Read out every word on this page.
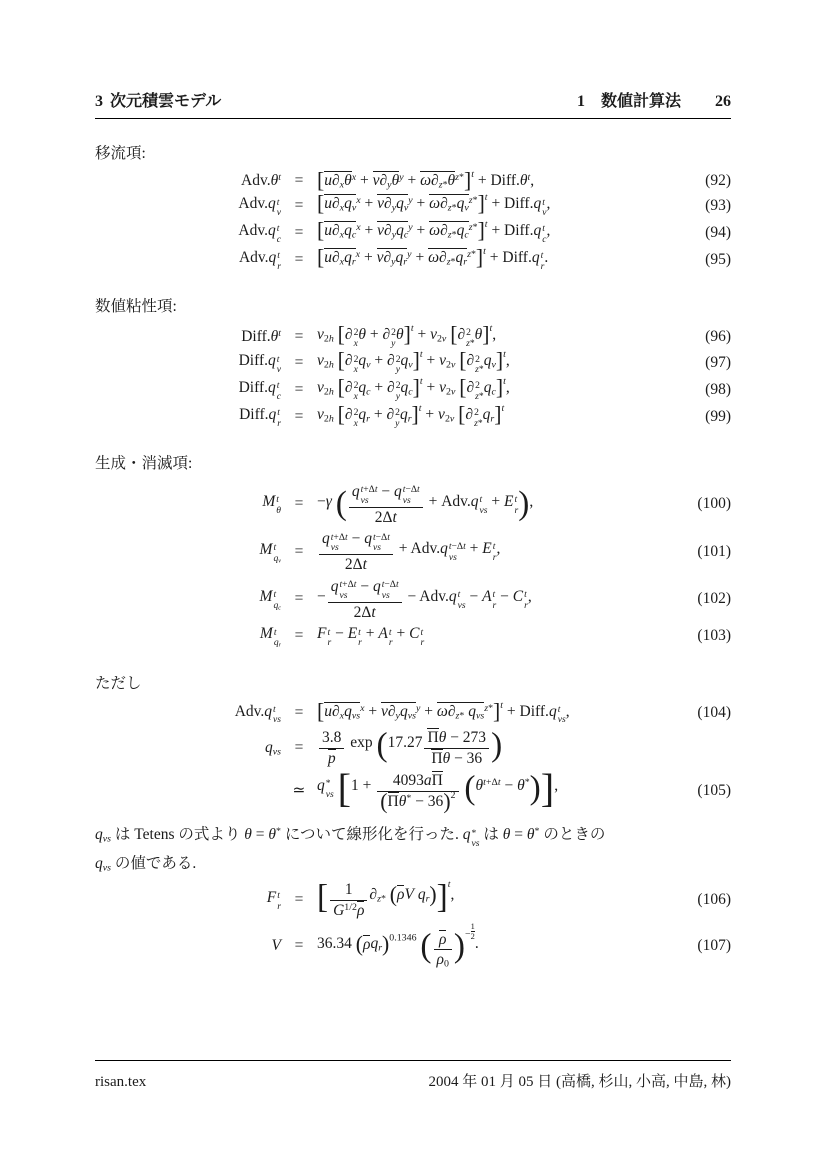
3 次元積雲モデル	1 数値計算法 26
移流項:
$Adv.\theta^t = [u\partial_x\theta^x + v\partial_y\theta^y + \omega\partial_{z*}\theta^{z*}]^t$ + $Diff.\theta^t$,	(92)
Adv.q t
$v = [u\partial_xq_v^x + v\partial_yq_v^y + \omega\partial_{z*}q_v^{z*}]^t$ + Diff.q t
v
,	(93)
Adv.q t
$c = [u\partial_xq_c^x + v\partial_yq_c^y + \omega\partial_{z*}q_c^{z*}]^t$ + Diff.q t
c
,	(94)
Adv.q t
$r = [u\partial_xq_r^x + v\partial_yq_r^y + \omega\partial_{z*}q_r^{z*}]^t$ + Diff.q t
r
.	(95)
数値粘性項:
$Diff.\theta^t = \nu_{2h}$ [∂ 2
x
θ + ∂ 2
y
$\theta]^t + \nu_{2v}$ [∂ 2
z*
θ]$^t$,	(96)
Diff.q t
$v = \nu_{2h}$ [∂ 2
x
$q_v$ + ∂ 2
y
$q_v]^t + \nu_{2v}$ [∂ 2
z*
$q_v]^t$,	(97)
Diff.q t
$c = \nu_{2h}$ [∂ 2
x
$q_c$ + ∂ 2
y
$q_c]^t + \nu_{2v}$ [∂ 2
z*
$q_c]^t$,	(98)
Diff.q t
$r = \nu_{2h}$ [∂ 2
x
$q_r$ + ∂ 2
y
$q_r]^t + \nu_{2v}$ [∂ 2
z*
$q_r]^t$	(99)
生成・消滅項:
M t
θ = −γ ( q t+Δt
vs
− q t−Δt
vs
2Δt
+ Adv.q t
vs
+ E t
r ),	(100)
M t
$q_v$
=
q t+Δt
vs
− q t−Δt
vs
2Δt
+ Adv.q t−Δt
vs
+ E t
r
,	(101)
M t
$q_c$
= −
q t+Δt
vs
− q t−Δt
vs
2Δt
− Adv.q t
vs
− A t
r
− C t
r
,	(102)
M t
$q_r$
= F t
r
− E t
r
+ A t
r
+ C t
r	(103)
ただし
Adv.q t
vs = [$u\partial_xq_{vs}^x + v\partial_yq_{vs}^y + \omega\partial_{z*}$ $q_{vs}^{z*}]^t$ + Diff.q t
vs
,	(104)
$q_{vs} = \frac{3.8}{p}$ $\exp (17.27 \frac{\Pi\theta - 273}{\Pi\theta - 36}$ )
≃ q *
vs $[1 + \frac{4093a\Pi}{(\Pi\theta^* - 36)^2} (\theta^{t+\Delta t} - \theta^*)]$,	(105)
$q_{vs}$ は Tetens の式より θ = θ* について線形化を行った. q *
vs
は θ = θ* のときの
$q_{vs}$ の値である.
F t
r = [ $\frac{1}{G^{1/2}\rho} \partial_{z*}$ (ρV $q_r)]^t$,	(106)
V = 36.34 $(\rho q_r)^{0.1346}$ ( $\frac{\rho}{\rho_0} )^{- \frac{1}{2}}$
.	(107)
risan.tex	2004 年 01 月 05 日 (高橋, 杉山, 小高, 中島, 林)
